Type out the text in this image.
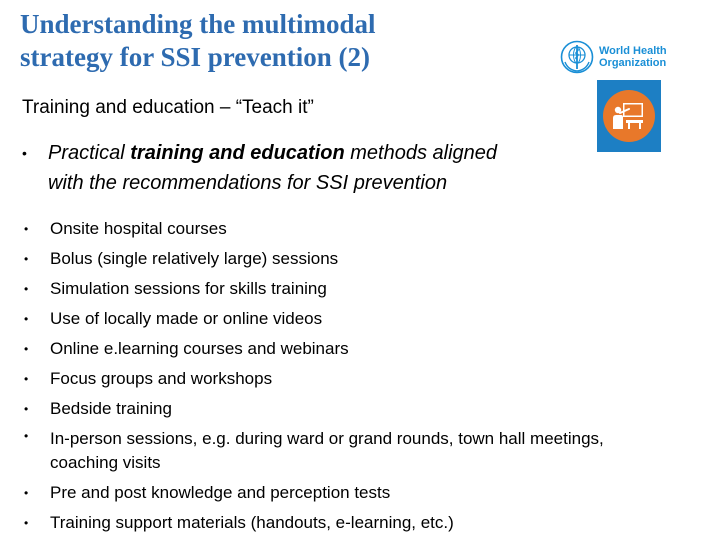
Understanding the multimodal
strategy for SSI prevention (2)	World Health
Organization

Training and education – “Teach it”

• Practical training and education methods aligned
with the recommendations for SSI prevention
• Onsite hospital courses
• Bolus (single relatively large) sessions
• Simulation sessions for skills training
• Use of locally made or online videos
• Online e.learning courses and webinars
• Focus groups and workshops
• Bedside training
• In-person sessions, e.g. during ward or grand rounds, town hall meetings,
coaching visits
• Pre and post knowledge and perception tests
• Training support materials (handouts, e-learning, etc.)
